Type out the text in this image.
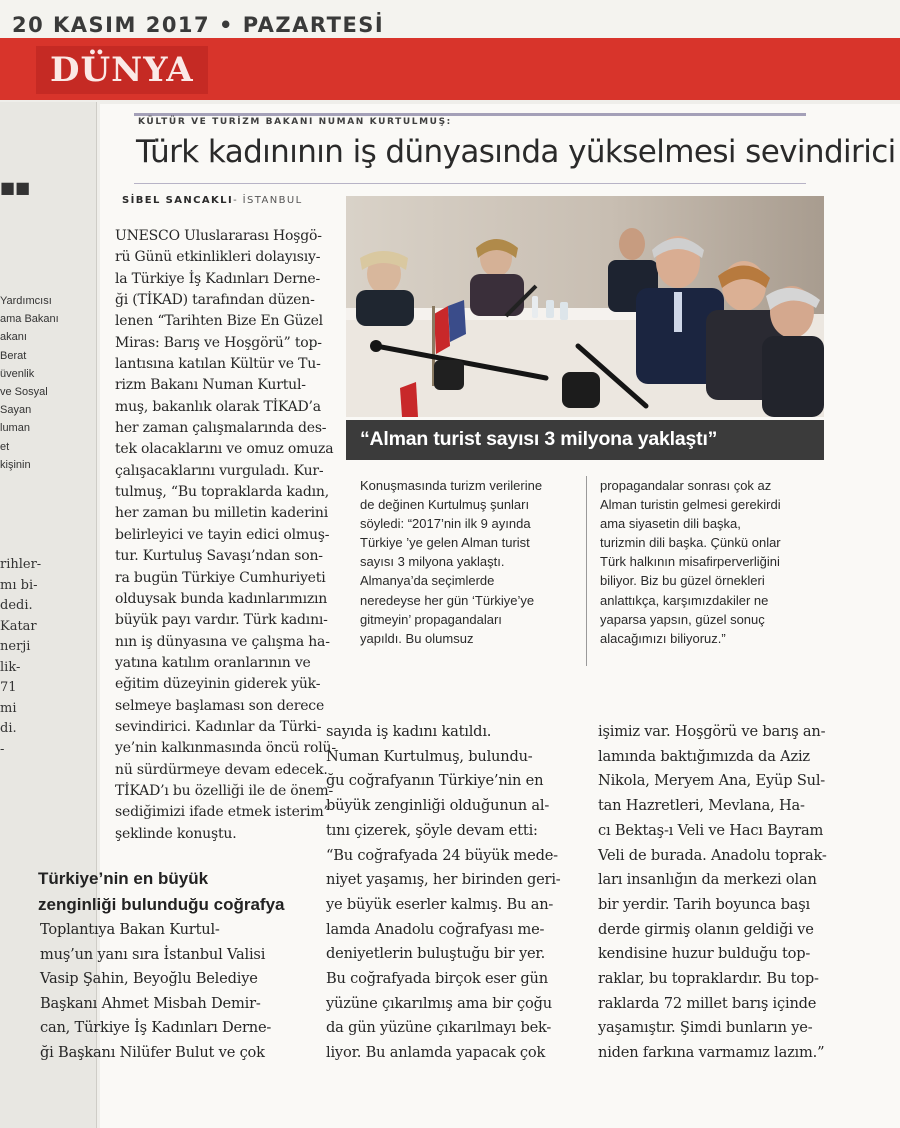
20 KASIM 2017 • PAZARTESİ
DÜNYA
■■
Yardımcısı
ama Bakanı
akanı
Berat
üvenlik
ve Sosyal
Sayan
luman
et
kişinin
rihler-
mı bi-
dedi.
Katar
nerji
lik-
71
mi
di.
-
KÜLTÜR VE TURİZM BAKANI NUMAN KURTULMUŞ:
Türk kadınının iş dünyasında yükselmesi sevindirici
SİBEL SANCAKLI- İSTANBUL
“Alman turist sayısı 3 milyona yaklaştı”
Konuşmasında turizm verilerine
de değinen Kurtulmuş şunları
söyledi: “2017’nin ilk 9 ayında
Türkiye ’ye gelen Alman turist
sayısı 3 milyona yaklaştı.
Almanya’da seçimlerde
neredeyse her gün ‘Türkiye’ye
gitmeyin’ propagandaları
yapıldı. Bu olumsuz
propagandalar sonrası çok az
Alman turistin gelmesi gerekirdi
ama siyasetin dili başka,
turizmin dili başka. Çünkü onlar
Türk halkının misafirperverliğini
biliyor. Biz bu güzel örnekleri
anlattıkça, karşımızdakiler ne
yaparsa yapsın, güzel sonuç
alacağımızı biliyoruz.”
UNESCO Uluslararası Hoşgö-
rü Günü etkinlikleri dolayısıy-
la Türkiye İş Kadınları Derne-
ği (TİKAD) tarafından düzen-
lenen “Tarihten Bize En Güzel
Miras: Barış ve Hoşgörü” top-
lantısına katılan Kültür ve Tu-
rizm Bakanı Numan Kurtul-
muş, bakanlık olarak TİKAD’a
her zaman çalışmalarında des-
tek olacaklarını ve omuz omuza
çalışacaklarını vurguladı. Kur-
tulmuş, “Bu topraklarda kadın,
her zaman bu milletin kaderini
belirleyici ve tayin edici olmuş-
tur. Kurtuluş Savaşı’ndan son-
ra bugün Türkiye Cumhuriyeti
olduysak bunda kadınlarımızın
büyük payı vardır. Türk kadını-
nın iş dünyasına ve çalışma ha-
yatına katılım oranlarının ve
eğitim düzeyinin giderek yük-
selmeye başlaması son derece
sevindirici. Kadınlar da Türki-
ye’nin kalkınmasında öncü rolü-
nü sürdürmeye devam edecek.
TİKAD’ı bu özelliği ile de önem-
sediğimizi ifade etmek isterim”
şeklinde konuştu.
Türkiye’nin en büyük
zenginliği bulunduğu coğrafya
Toplantıya Bakan Kurtul-
muş’un yanı sıra İstanbul Valisi
Vasip Şahin, Beyoğlu Belediye
Başkanı Ahmet Misbah Demir-
can, Türkiye İş Kadınları Derne-
ği Başkanı Nilüfer Bulut ve çok
sayıda iş kadını katıldı.
Numan Kurtulmuş, bulundu-
ğu coğrafyanın Türkiye’nin en
büyük zenginliği olduğunun al-
tını çizerek, şöyle devam etti:
“Bu coğrafyada 24 büyük mede-
niyet yaşamış, her birinden geri-
ye büyük eserler kalmış. Bu an-
lamda Anadolu coğrafyası me-
deniyetlerin buluştuğu bir yer.
Bu coğrafyada birçok eser gün
yüzüne çıkarılmış ama bir çoğu
da gün yüzüne çıkarılmayı bek-
liyor. Bu anlamda yapacak çok
işimiz var. Hoşgörü ve barış an-
lamında baktığımızda da Aziz
Nikola, Meryem Ana, Eyüp Sul-
tan Hazretleri, Mevlana, Ha-
cı Bektaş-ı Veli ve Hacı Bayram
Veli de burada. Anadolu toprak-
ları insanlığın da merkezi olan
bir yerdir. Tarih boyunca başı
derde girmiş olanın geldiği ve
kendisine huzur bulduğu top-
raklar, bu topraklardır. Bu top-
raklarda 72 millet barış içinde
yaşamıştır. Şimdi bunların ye-
niden farkına varmamız lazım.”
